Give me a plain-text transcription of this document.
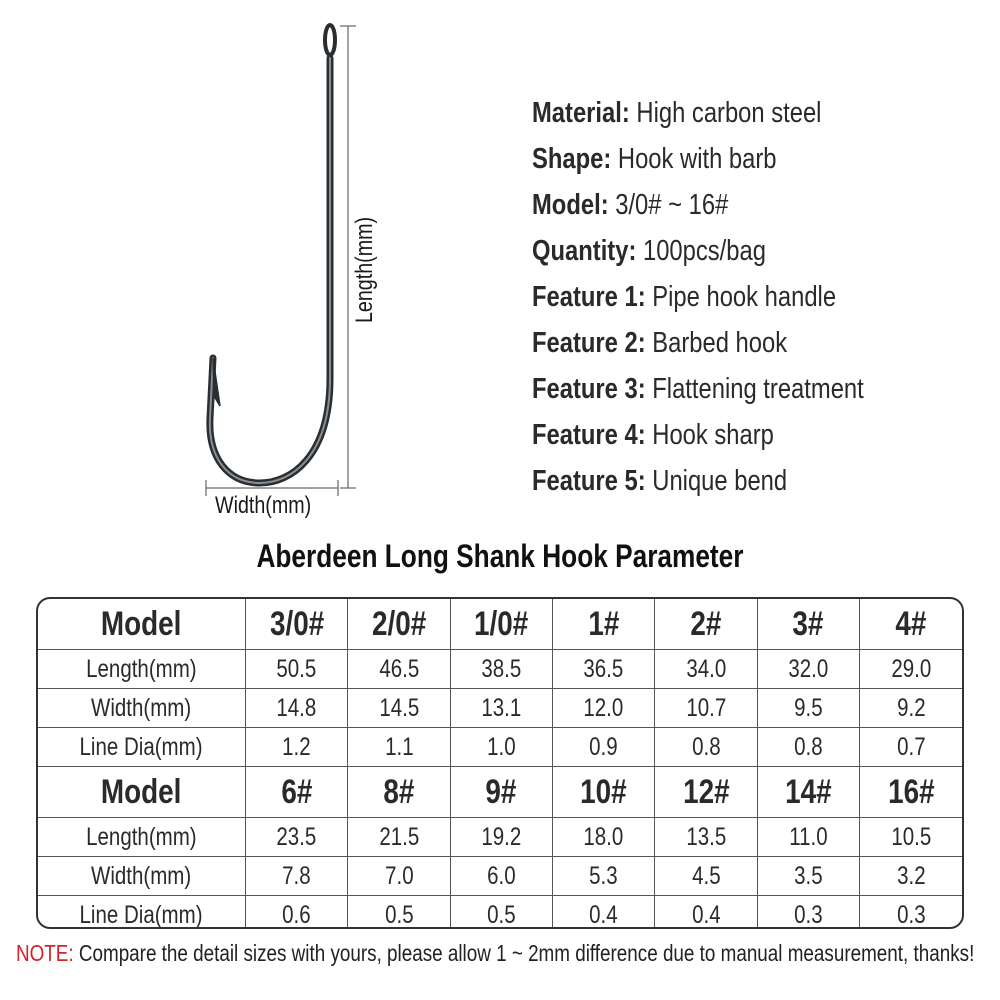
Length(mm)
Width(mm)
Material: High carbon steel
Shape: Hook with barb
Model: 3/0# ~ 16#
Quantity: 100pcs/bag
Feature 1: Pipe hook handle
Feature 2: Barbed hook
Feature 3: Flattening treatment
Feature 4: Hook sharp
Feature 5: Unique bend
Aberdeen Long Shank Hook Parameter
Model	3/0#	2/0#	1/0#	1#	2#	3#	4#
Length(mm)	50.5	46.5	38.5	36.5	34.0	32.0	29.0
Width(mm)	14.8	14.5	13.1	12.0	10.7	9.5	9.2
Line Dia(mm)	1.2	1.1	1.0	0.9	0.8	0.8	0.7
Model	6#	8#	9#	10#	12#	14#	16#
Length(mm)	23.5	21.5	19.2	18.0	13.5	11.0	10.5
Width(mm)	7.8	7.0	6.0	5.3	4.5	3.5	3.2
Line Dia(mm)	0.6	0.5	0.5	0.4	0.4	0.3	0.3
NOTE: Compare the detail sizes with yours, please allow 1 ~ 2mm difference due to manual measurement, thanks!
